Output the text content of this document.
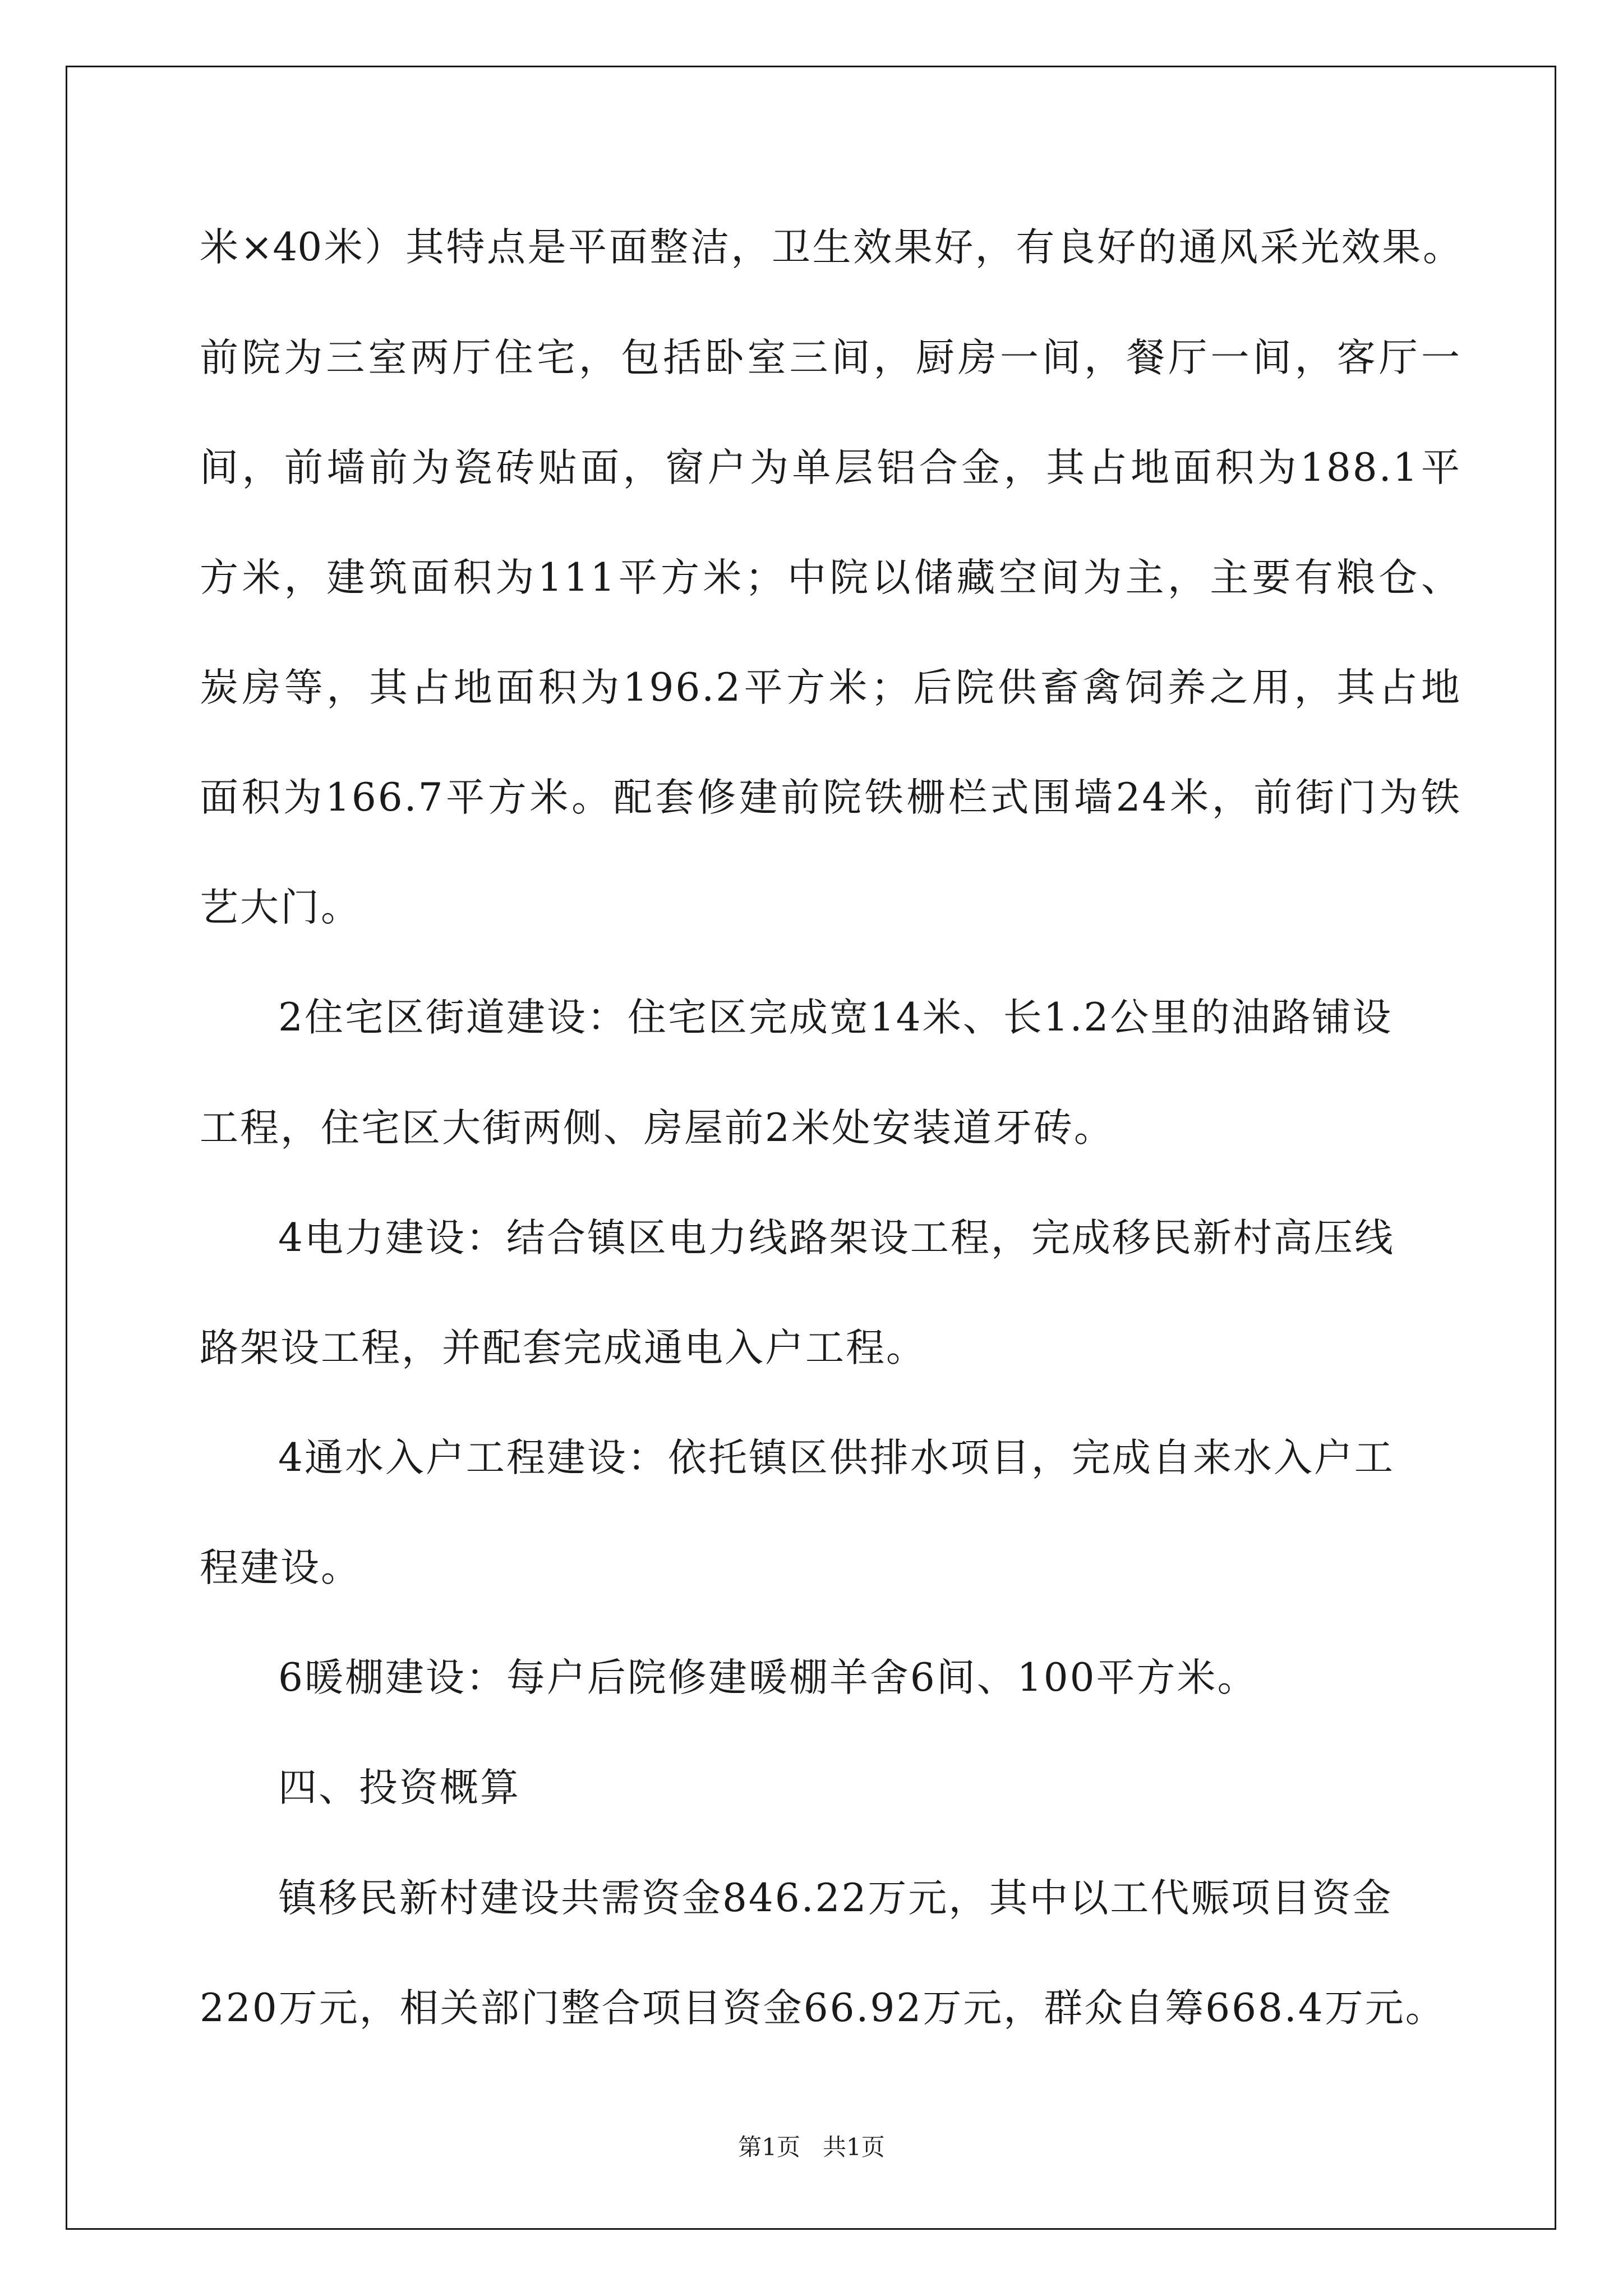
米×40米）其特点是平面整洁，卫生效果好，有良好的通风采光效果。
前院为三室两厅住宅，包括卧室三间，厨房一间，餐厅一间，客厅一
间，前墙前为瓷砖贴面，窗户为单层铝合金，其占地面积为188.1平
方米，建筑面积为111平方米；中院以储藏空间为主，主要有粮仓、
炭房等，其占地面积为196.2平方米；后院供畜禽饲养之用，其占地
面积为166.7平方米。配套修建前院铁栅栏式围墙24米，前街门为铁
艺大门。
2住宅区街道建设：住宅区完成宽14米、长1.2公里的油路铺设
工程，住宅区大街两侧、房屋前2米处安装道牙砖。
4电力建设：结合镇区电力线路架设工程，完成移民新村高压线
路架设工程，并配套完成通电入户工程。
4通水入户工程建设：依托镇区供排水项目，完成自来水入户工
程建设。
6暖棚建设：每户后院修建暖棚羊舍6间、100平方米。
四、投资概算
镇移民新村建设共需资金846.22万元，其中以工代赈项目资金
220万元，相关部门整合项目资金66.92万元，群众自筹668.4万元。
第1页   共1页
